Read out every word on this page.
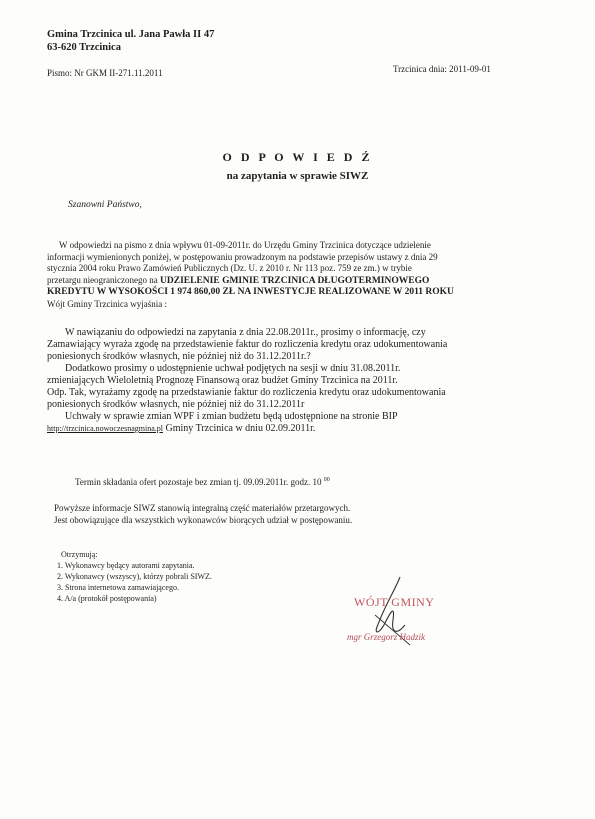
Gmina Trzcinica ul. Jana Pawła II 47
63-620 Trzcinica
Pismo: Nr GKM II-271.11.2011	Trzcinica dnia: 2011-09-01
O D P O W I E D Ź
na zapytania w sprawie SIWZ
Szanowni Państwo,
W odpowiedzi na pismo z dnia wpływu 01-09-2011r. do Urzędu Gminy Trzcinica dotyczące udzielenie
informacji wymienionych poniżej, w postępowaniu prowadzonym na podstawie przepisów ustawy z dnia 29
stycznia 2004 roku Prawo Zamówień Publicznych (Dz. U. z 2010 r. Nr 113 poz. 759 ze zm.) w trybie
przetargu nieograniczonego na UDZIELENIE GMINIE TRZCINICA DŁUGOTERMINOWEGO
KREDYTU W WYSOKOŚCI 1 974 860,00 ZŁ NA INWESTYCJE REALIZOWANE W 2011 ROKU
Wójt Gminy Trzcinica wyjaśnia :
W nawiązaniu do odpowiedzi na zapytania z dnia 22.08.2011r., prosimy o informację, czy
Zamawiający wyraża zgodę na przedstawienie faktur do rozliczenia kredytu oraz udokumentowania
poniesionych środków własnych, nie później niż do 31.12.2011r.?
Dodatkowo prosimy o udostępnienie uchwał podjętych na sesji w dniu 31.08.2011r.
zmieniających Wieloletnią Prognozę Finansową oraz budżet Gminy Trzcinica na 2011r.
Odp. Tak, wyrażamy zgodę na przedstawianie faktur do rozliczenia kredytu oraz udokumentowania
poniesionych środków własnych, nie później niż do 31.12.2011r
Uchwały w sprawie zmian WPF i zmian budżetu będą udostępnione na stronie BIP
http://trzcinica.nowoczesnagmina.pl Gminy Trzcinica w dniu 02.09.2011r.
Termin składania ofert pozostaje bez zmian tj. 09.09.2011r. godz. 10 $^{00}$
Powyższe informacje SIWZ stanowią integralną część materiałów przetargowych.
Jest obowiązujące dla wszystkich wykonawców biorących udział w postępowaniu.
Otrzymują:
1. Wykonawcy będący autorami zapytania.
2. Wykonawcy (wszyscy), którzy pobrali SIWZ.
3. Strona internetowa zamawiającego.
4. A/a (protokół postępowania)	WÓJT GMINY
mgr Grzegorz Hadzik
